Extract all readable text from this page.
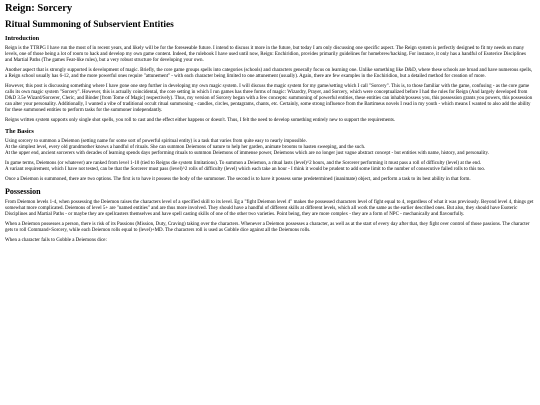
Reign: Sorcery
Ritual Summoning of Subservient Entities
Introduction

Reign is the TTRPG I have run the most of in recent years, and likely will be for the foreseeable future. I intend to discuss it more in the future, but today I am only discussing one specific aspect. The Reign system is perfectly designed to fit my needs on many levels, one of those being a lot of room to hack and develop my own game content. Indeed, the rulebook I have used until now, Reign: Enchiridion, provides primarily guidelines for homebrew/hacking. For instance, it only has a handful of Esoterice Disciplines and Martial Paths (The games Feat-like rules), but a very robust structure for developing your own.

Another aspect that is strongly supported is development of magic. Briefly, the core game groups spells into categories (schools) and characters generally focus on learning one. Unlike something like D&D, where these schools are broad and have numerous spells, a Reign school usually has 6-12, and the more powerful ones require "attunement" - with each character being limited to one attunement (usually). Again, there are few examples in the Enchiridion, but a detailed method for creation of more.

However, this post is discussing something where I have gone one step further in developing my own magic system. I will discuss the magic system for my game/setting which I call "Sorcery". This is, to those familiar with the game, confusing - as the core game calls its own magic system "Sorcery". However, this is actually coincidental, the core setting in which I run games has three forms of magic: Wizardry, Prayer, and Sorcery, which were conceptualized before I had the rules for Reign (And largely developed from D&D 3.5e Wizard/Sorcerer, Cleric, and Binder [from Tome of Magic] respectively). Thus, my version of Sorcery began with a few concepts: summoning of powerful entities, these entities can inhabit/possess you, this possession grants you powers, this possession can alter your personality. Additionally, I wanted a vibe of traditional occult ritual summoning - candles, circles, pentagrams, chants, etc. Certainly, some strong influence from the Bartimeus novels I read in my youth - which means I wanted to also add the ability for these summoned entities to perform tasks for the summoner independantly.

Reigns written system supports only single shot spells, you roll to cast and the effect either happens or doesn't. Thus, I felt the need to develop something entirely new to support the requirements.

The Basics

Using sorcery to summon a Deiemon (setting name for some sort of powerful spiritual entity) is a task that varies from quite easy to nearly impossible.

At the simplest level, every old grandmother knows a handful of rituals. She can summon Deiemons of nature to help her garden, animate brooms to hasten sweeping, and the such.

At the upper end, ancient sorcerers with decades of learning spends days performing rituals to summon Deiemons of immense power, Deiemons which are no longer just vague abstract concept - but entities with name, history, and personality.

In game terms, Deiemons (or whatever) are ranked from level 1-10 (tied to Reigns die system limitations). To summon a Deiemon, a ritual lasts (level)^2 hours, and the Sorcerer performing it must pass a roll of difficulty (level) at the end.

A variant requirement, which I have not tested, can be that the Sorcerer must pass (level)^2 rolls of difficulty (level) which each take an hour - I think it would be prudent to add some limit to the number of consecutive failed rolls to this too.

Once a Deiemon is summoned, there are two options. The first is to have it possess the body of the summoner. The second is to have it possess some predetermined (inanimate) object, and perform a task to its best ability in that form.

Possession

From Deiemon levels 1-4, when possessing the Deiemon raises the characters level of a specified skill to its level. Eg a "fight Deiemon level 4" makes the possessed characters level of fight equal to 4, regardless of what it was previously. Beyond level 4, things get somewhat more complicated. Deiemons of level 5+ are "named entities" and are thus more involved. They should have a handful of different skills at different levels, which all work the same as the earlier described ones. But also, they should have Esoteric Disciplines and Martial Paths - or maybe they are spellcasters themselves and have spell casting skills of one of the other two varieties. Point being, they are more complex - they are a form of NPC - mechanically and flavourfully.

When a Deiemon possesses a person, there is risk of its Passions (Mission, Duty, Craving) taking over the characters. Whenever a Deiemon possesses a character, as well as at the start of every day after that, they fight over control of those passions. The character gets to roll Command+Sorcery, while each Deiemon rolls equal to (level)+MD. The characters roll is used as Gobble dice against all the Deiemons rolls.

When a character fails to Gobble a Deiemons dice:
